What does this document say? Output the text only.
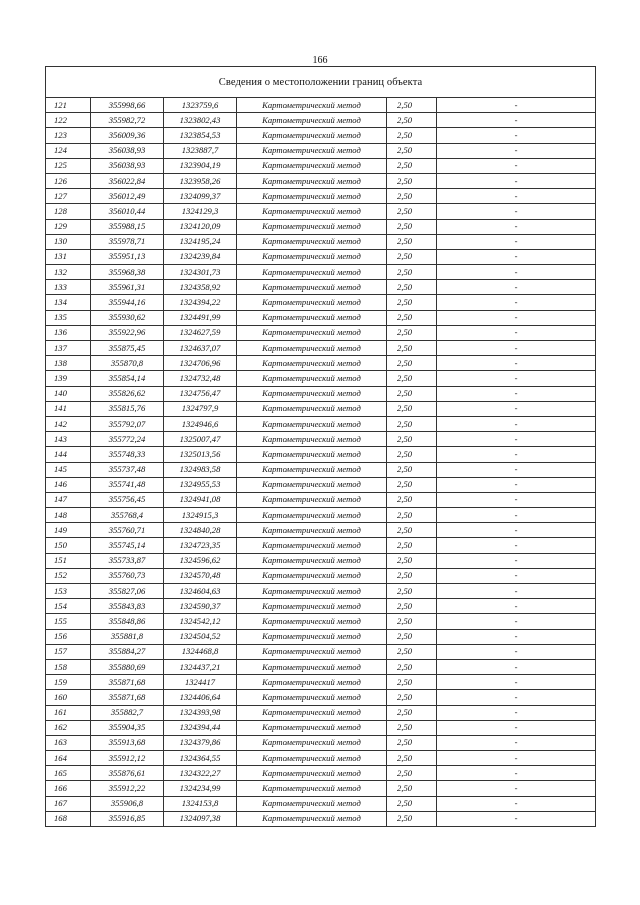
166
Сведения о местоположении границ объекта					
121	355998,66	1323759,6	Картометрический метод	2,50	-
122	355982,72	1323802,43	Картометрический метод	2,50	-
123	356009,36	1323854,53	Картометрический метод	2,50	-
124	356038,93	1323887,7	Картометрический метод	2,50	-
125	356038,93	1323904,19	Картометрический метод	2,50	-
126	356022,84	1323958,26	Картометрический метод	2,50	-
127	356012,49	1324099,37	Картометрический метод	2,50	-
128	356010,44	1324129,3	Картометрический метод	2,50	-
129	355988,15	1324120,09	Картометрический метод	2,50	-
130	355978,71	1324195,24	Картометрический метод	2,50	-
131	355951,13	1324239,84	Картометрический метод	2,50	-
132	355968,38	1324301,73	Картометрический метод	2,50	-
133	355961,31	1324358,92	Картометрический метод	2,50	-
134	355944,16	1324394,22	Картометрический метод	2,50	-
135	355930,62	1324491,99	Картометрический метод	2,50	-
136	355922,96	1324627,59	Картометрический метод	2,50	-
137	355875,45	1324637,07	Картометрический метод	2,50	-
138	355870,8	1324706,96	Картометрический метод	2,50	-
139	355854,14	1324732,48	Картометрический метод	2,50	-
140	355826,62	1324756,47	Картометрический метод	2,50	-
141	355815,76	1324797,9	Картометрический метод	2,50	-
142	355792,07	1324946,6	Картометрический метод	2,50	-
143	355772,24	1325007,47	Картометрический метод	2,50	-
144	355748,33	1325013,56	Картометрический метод	2,50	-
145	355737,48	1324983,58	Картометрический метод	2,50	-
146	355741,48	1324955,53	Картометрический метод	2,50	-
147	355756,45	1324941,08	Картометрический метод	2,50	-
148	355768,4	1324915,3	Картометрический метод	2,50	-
149	355760,71	1324840,28	Картометрический метод	2,50	-
150	355745,14	1324723,35	Картометрический метод	2,50	-
151	355733,87	1324596,62	Картометрический метод	2,50	-
152	355760,73	1324570,48	Картометрический метод	2,50	-
153	355827,06	1324604,63	Картометрический метод	2,50	-
154	355843,83	1324590,37	Картометрический метод	2,50	-
155	355848,86	1324542,12	Картометрический метод	2,50	-
156	355881,8	1324504,52	Картометрический метод	2,50	-
157	355884,27	1324468,8	Картометрический метод	2,50	-
158	355880,69	1324437,21	Картометрический метод	2,50	-
159	355871,68	1324417	Картометрический метод	2,50	-
160	355871,68	1324406,64	Картометрический метод	2,50	-
161	355882,7	1324393,98	Картометрический метод	2,50	-
162	355904,35	1324394,44	Картометрический метод	2,50	-
163	355913,68	1324379,86	Картометрический метод	2,50	-
164	355912,12	1324364,55	Картометрический метод	2,50	-
165	355876,61	1324322,27	Картометрический метод	2,50	-
166	355912,22	1324234,99	Картометрический метод	2,50	-
167	355906,8	1324153,8	Картометрический метод	2,50	-
168	355916,85	1324097,38	Картометрический метод	2,50	-
